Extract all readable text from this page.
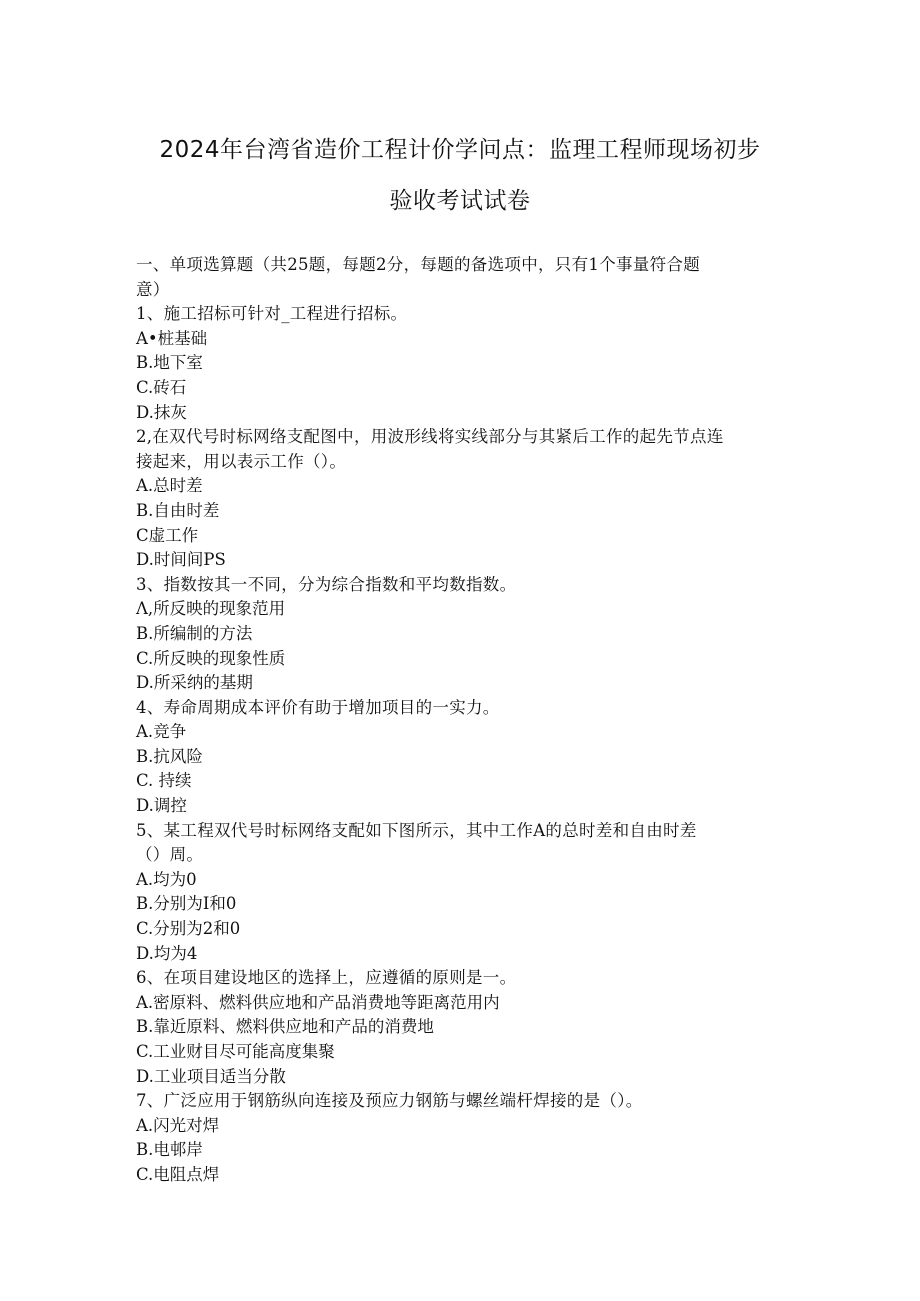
2024年台湾省造价工程计价学问点：监理工程师现场初步
验收考试试卷
一、单项选算题（共25题，每题2分，每题的备选项中，只有1个事量符合题
意）
1、施工招标可针对_工程进行招标。
A•桩基础
B.地下室
C.砖石
D.抹灰
2,在双代号时标网络支配图中，用波形线将实线部分与其紧后工作的起先节点连
接起来，用以表示工作（）。
A.总时差
B.自由时差
C虚工作
D.时间间PS
3、指数按其一不同，分为综合指数和平均数指数。
Λ,所反映的现象范用
B.所编制的方法
C.所反映的现象性质
D.所采纳的基期
4、寿命周期成本评价有助于增加项目的一实力。
A.竞争
B.抗风险
C. 持续
D.调控
5、某工程双代号时标网络支配如下图所示，其中工作A的总时差和自由时差
（）周。
A.均为0
B.分别为I和0
C.分别为2和0
D.均为4
6、在项目建设地区的选择上，应遵循的原则是一。
A.密原料、燃料供应地和产品消费地等距离范用内
B.靠近原料、燃料供应地和产品的消费地
C.工业财目尽可能高度集聚
D.工业项目适当分散
7、广泛应用于钢筋纵向连接及预应力钢筋与螺丝端杆焊接的是（）。
A.闪光对焊
B.电邨岸
C.电阻点焊
